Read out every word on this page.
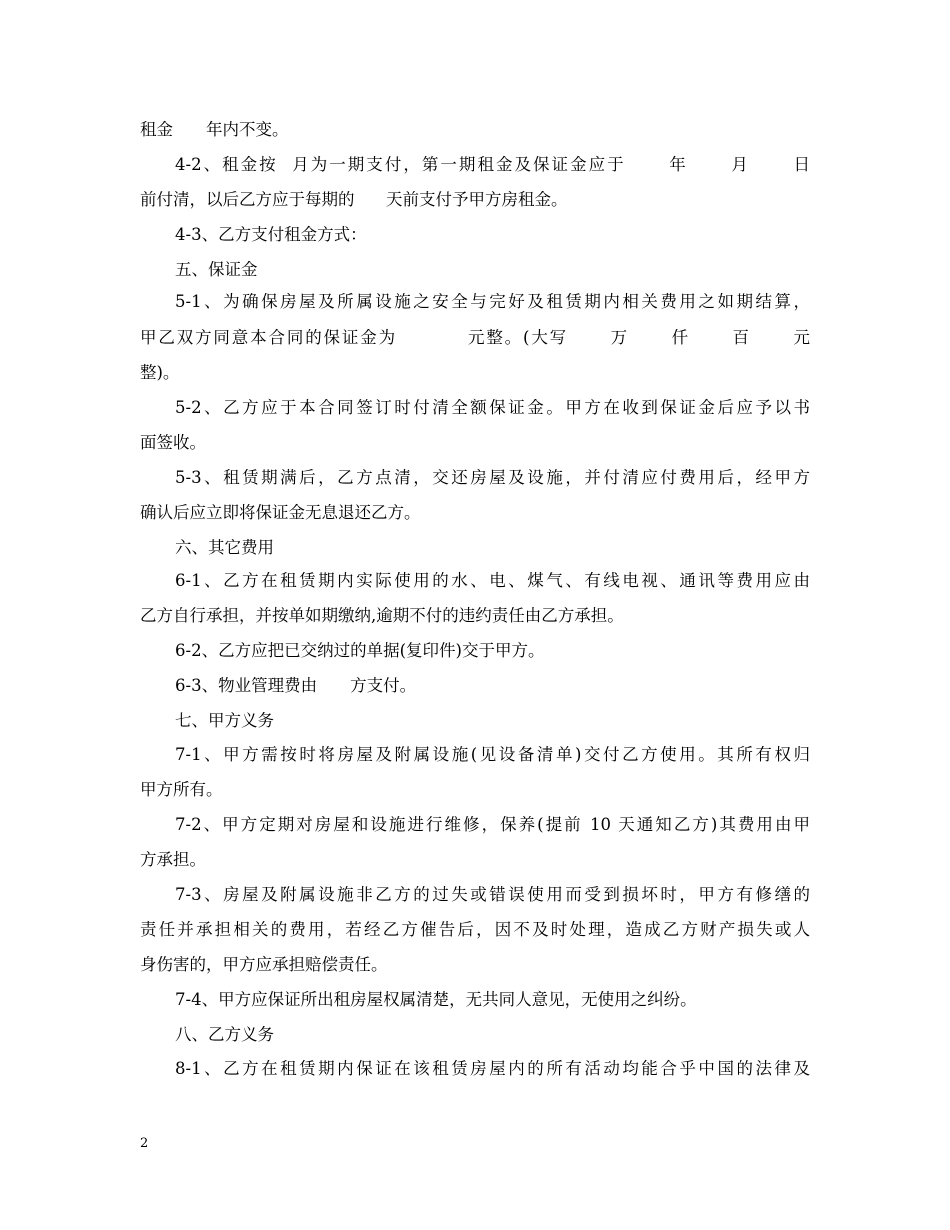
租金　　年内不变。
4-2、租金按  月为一期支付，第一期租金及保证金应于      年      月      日
前付清，以后乙方应于每期的      天前支付予甲方房租金。
4-3、乙方支付租金方式：
五、保证金
5-1、为确保房屋及所属设施之安全与完好及租赁期内相关费用之如期结算，
甲乙双方同意本合同的保证金为          元整。(大写      万      仟      百      元
整)。
5-2、乙方应于本合同签订时付清全额保证金。甲方在收到保证金后应予以书
面签收。
5-3、租赁期满后，乙方点清，交还房屋及设施，并付清应付费用后，经甲方
确认后应立即将保证金无息退还乙方。
六、其它费用
6-1、乙方在租赁期内实际使用的水、电、煤气、有线电视、通讯等费用应由
乙方自行承担，并按单如期缴纳,逾期不付的违约责任由乙方承担。
6-2、乙方应把已交纳过的单据(复印件)交于甲方。
6-3、物业管理费由　　方支付。
七、甲方义务
7-1、甲方需按时将房屋及附属设施(见设备清单)交付乙方使用。其所有权归
甲方所有。
7-2、甲方定期对房屋和设施进行维修，保养(提前 10 天通知乙方)其费用由甲
方承担。
7-3、房屋及附属设施非乙方的过失或错误使用而受到损坏时，甲方有修缮的
责任并承担相关的费用，若经乙方催告后，因不及时处理，造成乙方财产损失或人
身伤害的，甲方应承担赔偿责任。
7-4、甲方应保证所出租房屋权属清楚，无共同人意见，无使用之纠纷。
八、乙方义务
8-1、乙方在租赁期内保证在该租赁房屋内的所有活动均能合乎中国的法律及
2
